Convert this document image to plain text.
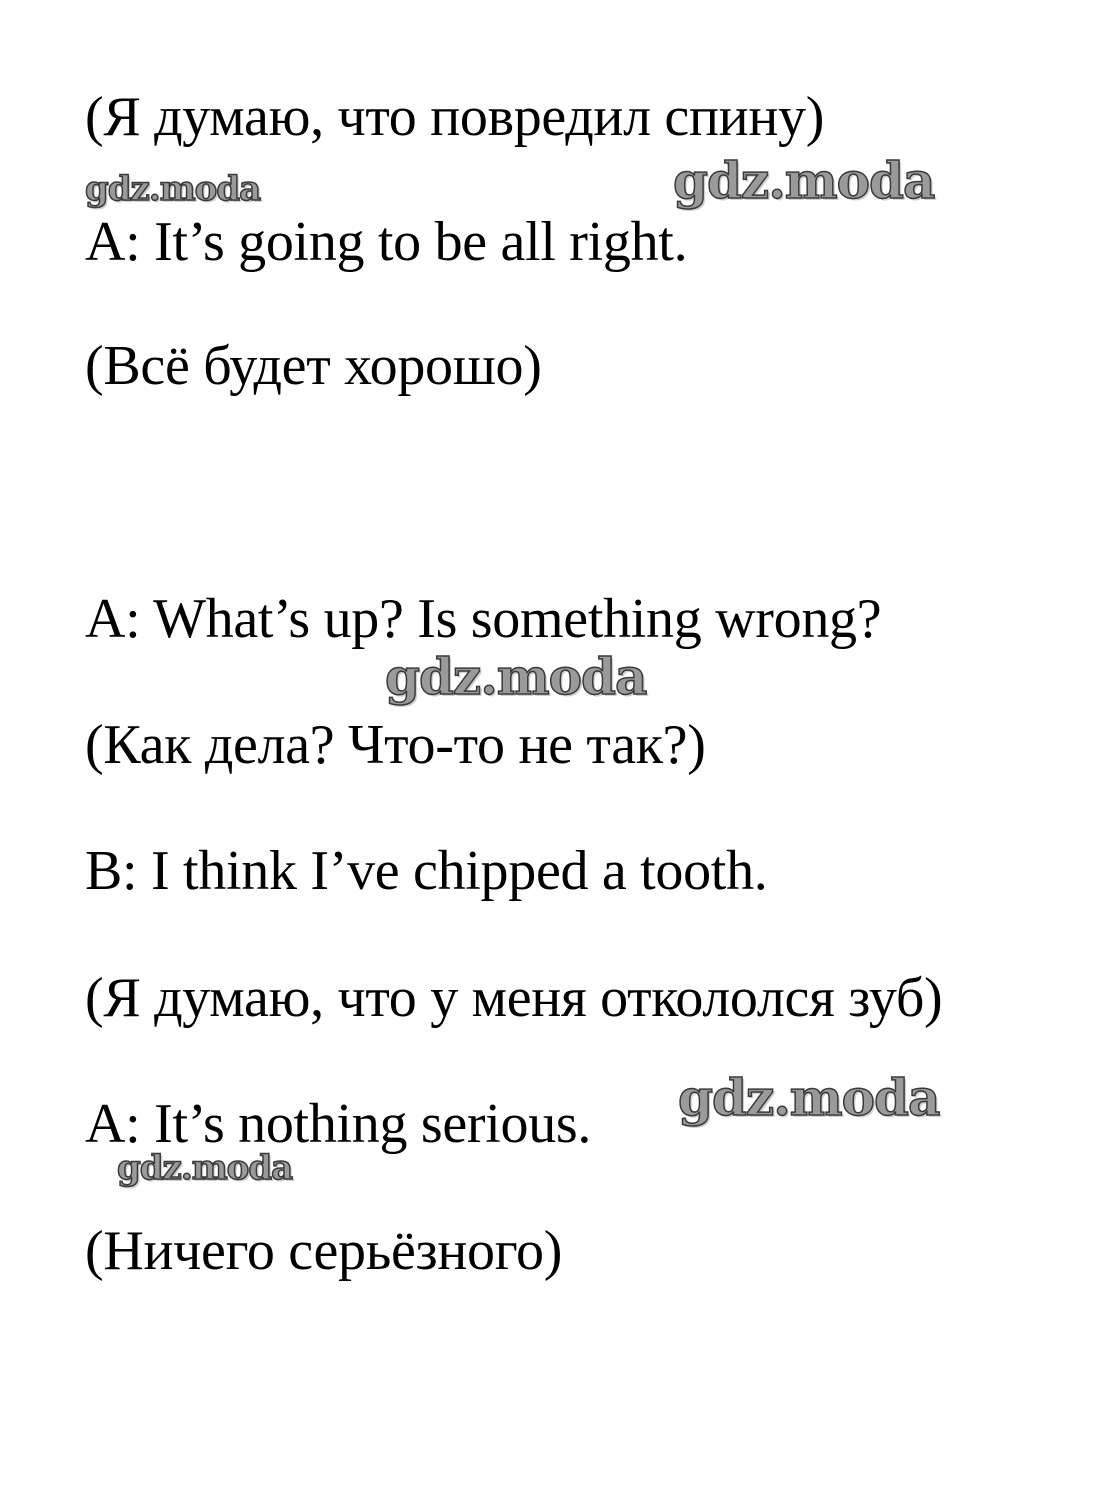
(Я думаю, что повредил спину)
A: It’s going to be all right.
(Всё будет хорошо)
A: What’s up? Is something wrong?
(Как дела? Что-то не так?)
B: I think I’ve chipped a tooth.
(Я думаю, что у меня откололся зуб)
A: It’s nothing serious.
(Ничего серьёзного)
gdz.moda	gdz.moda
gdz.moda
gdz.moda
gdz.moda
